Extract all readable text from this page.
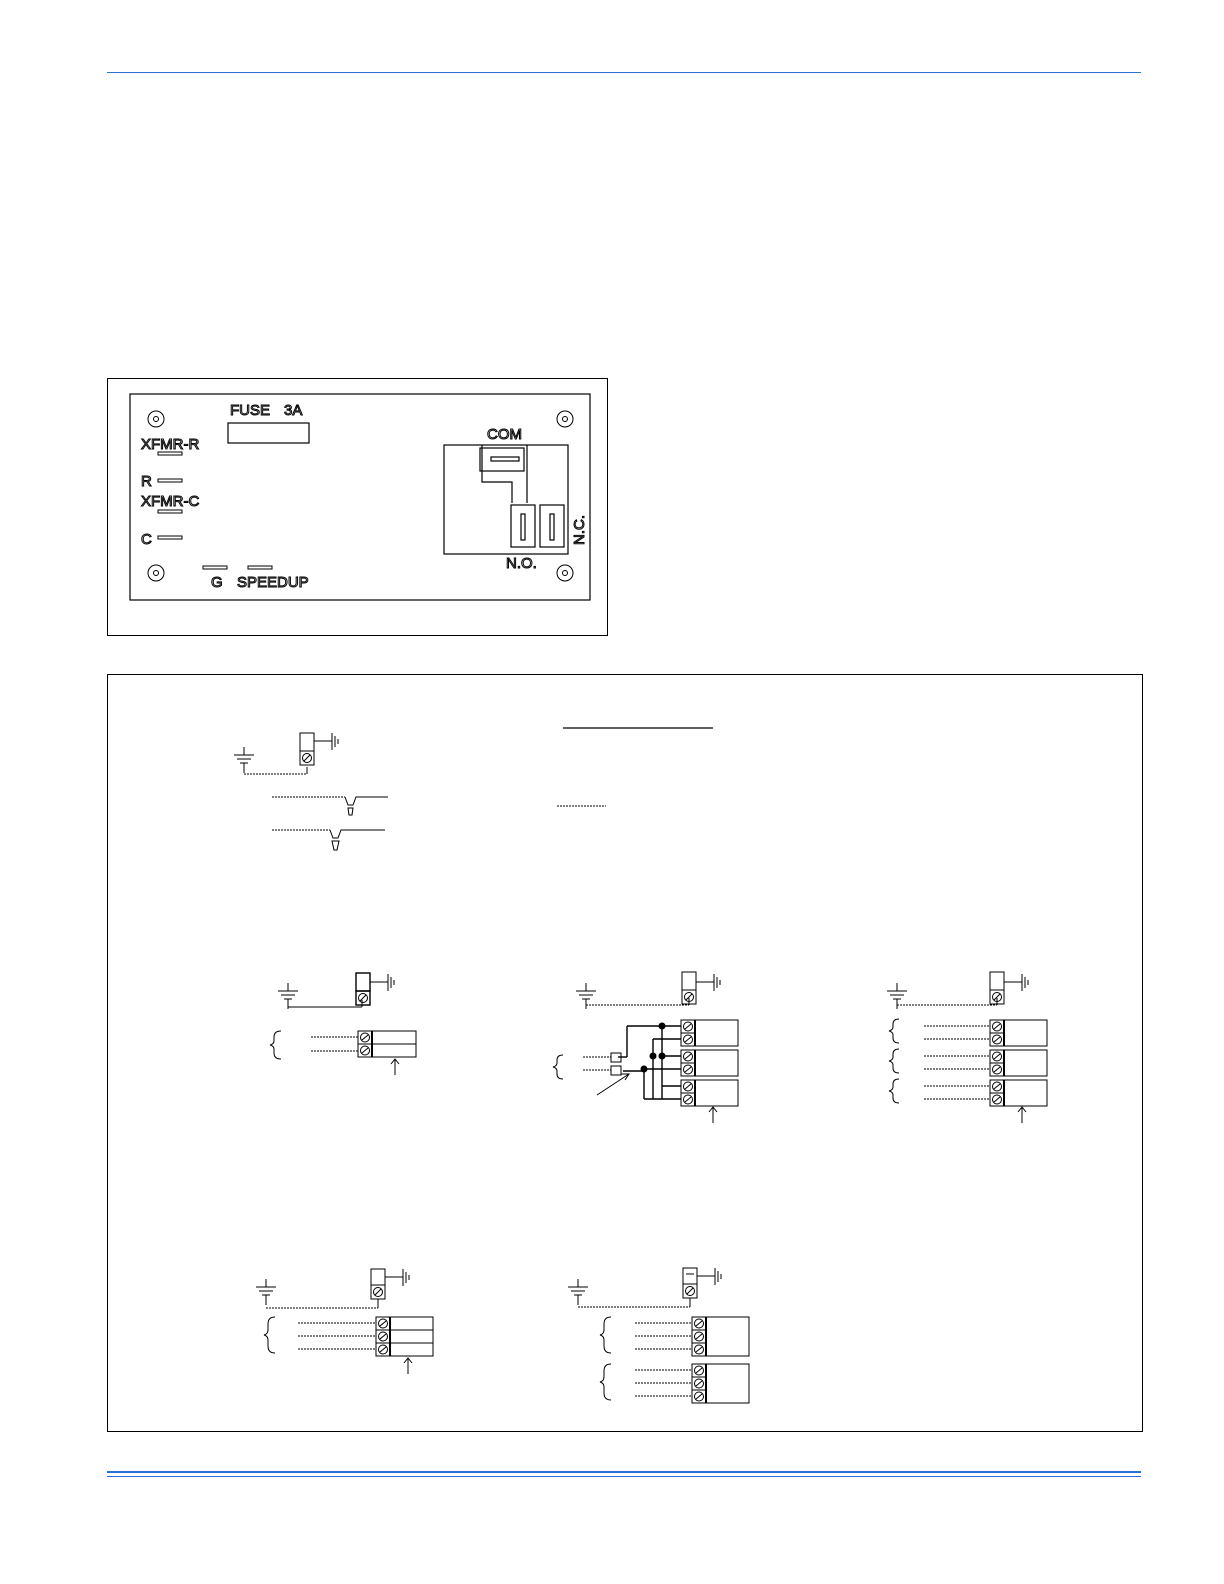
FUSE 3A
XFMR-R
R
XFMR-C
C
G SPEEDUP
COM
N.O.
N.C.
